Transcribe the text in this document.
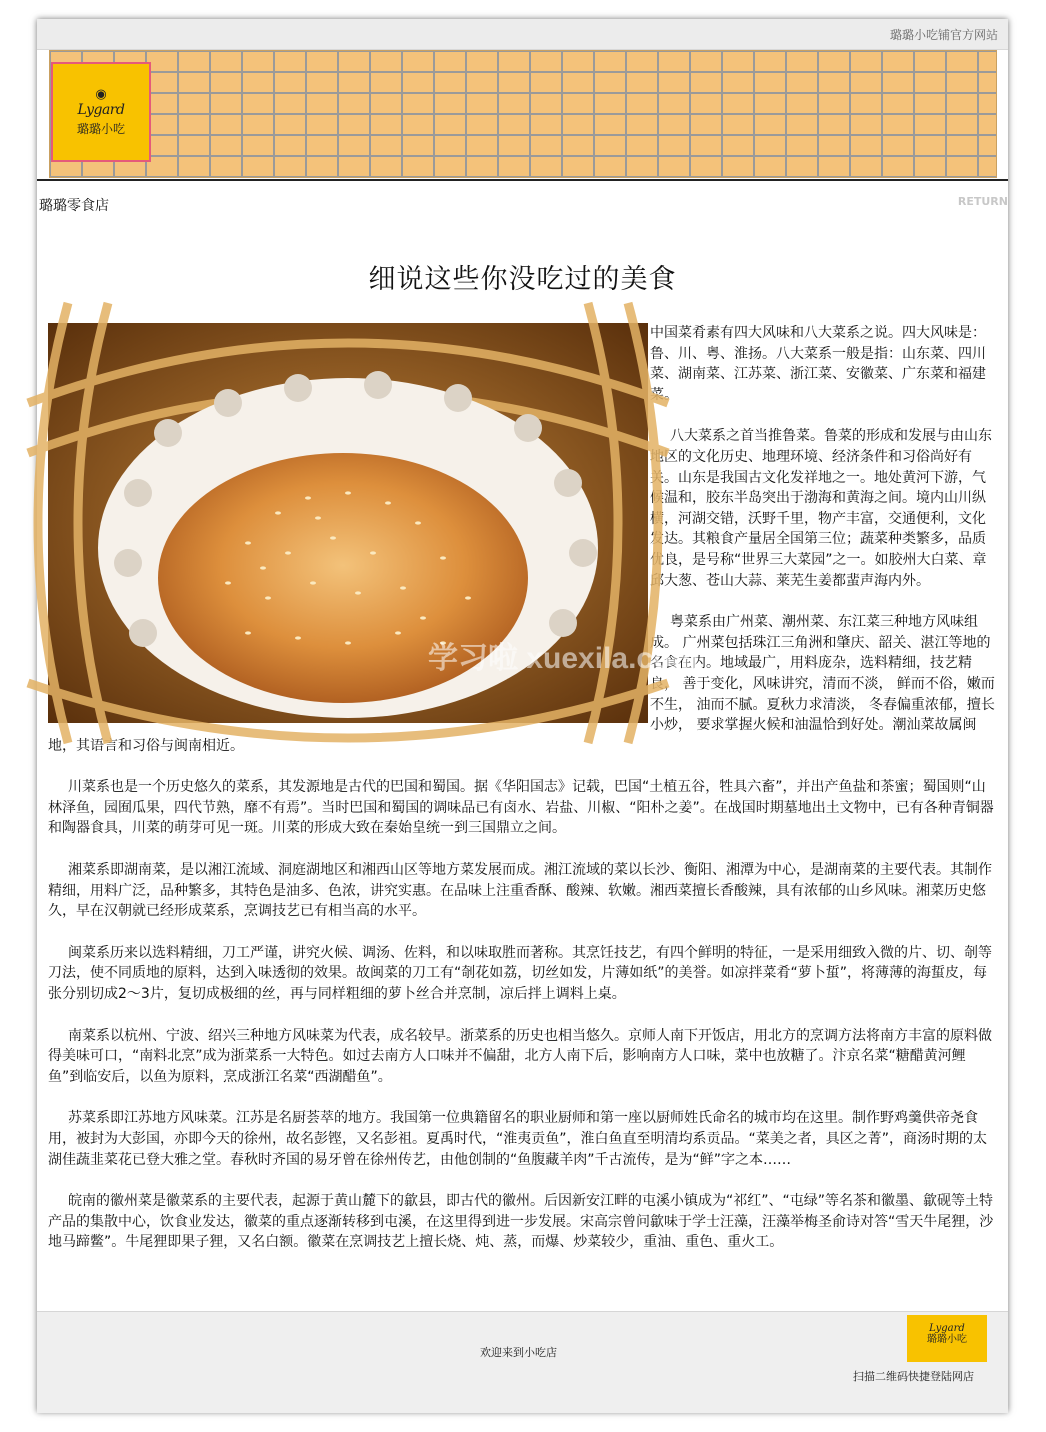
璐璐小吃铺官方网站
◉
Lygard
璐璐小吃
璐璐零食店	RETURN
细说这些你没吃过的美食
学习啦 xuexila.com

中国菜肴素有四大风味和八大菜系之说。四大风味是：鲁、川、粤、淮扬。八大菜系一般是指：山东菜、四川菜、湖南菜、江苏菜、浙江菜、安徽菜、广东菜和福建菜。

八大菜系之首当推鲁菜。鲁菜的形成和发展与由山东地区的文化历史、地理环境、经济条件和习俗尚好有关。山东是我国古文化发祥地之一。地处黄河下游，气候温和，胶东半岛突出于渤海和黄海之间。境内山川纵横，河湖交错，沃野千里，物产丰富，交通便利，文化发达。其粮食产量居全国第三位；蔬菜种类繁多，品质优良，是号称“世界三大菜园”之一。如胶州大白菜、章邱大葱、苍山大蒜、莱芜生姜都蜚声海内外。

粤菜系由广州菜、潮州菜、东江菜三种地方风味组成。 广州菜包括珠江三角洲和肇庆、韶关、湛江等地的名食在内。地域最广，用料庞杂，选料精细，技艺精良， 善于变化，风味讲究，清而不淡， 鲜而不俗，嫩而不生， 油而不腻。夏秋力求清淡， 冬春偏重浓郁，擅长小炒， 要求掌握火候和油温恰到好处。潮汕菜故属闽地，其语言和习俗与闽南相近。

川菜系也是一个历史悠久的菜系，其发源地是古代的巴国和蜀国。据《华阳国志》记载，巴国“土植五谷，牲具六畜”，并出产鱼盐和茶蜜；蜀国则“山林泽鱼，园囿瓜果，四代节熟，靡不有焉”。当时巴国和蜀国的调味品已有卤水、岩盐、川椒、“阳朴之姜”。在战国时期墓地出土文物中，已有各种青铜器和陶器食具，川菜的萌芽可见一斑。川菜的形成大致在秦始皇统一到三国鼎立之间。

湘菜系即湖南菜，是以湘江流域、洞庭湖地区和湘西山区等地方菜发展而成。湘江流域的菜以长沙、衡阳、湘潭为中心，是湖南菜的主要代表。其制作精细，用料广泛，品种繁多，其特色是油多、色浓，讲究实惠。在品味上注重香酥、酸辣、软嫩。湘西菜擅长香酸辣，具有浓郁的山乡风味。湘菜历史悠久，早在汉朝就已经形成菜系，烹调技艺已有相当高的水平。

闽菜系历来以选料精细，刀工严谨，讲究火候、调汤、佐料，和以味取胜而著称。其烹饪技艺，有四个鲜明的特征，一是采用细致入微的片、切、剞等刀法，使不同质地的原料，达到入味透彻的效果。故闽菜的刀工有“剞花如荔，切丝如发，片薄如纸”的美誉。如凉拌菜肴“萝卜蜇”，将薄薄的海蜇皮，每张分别切成2～3片，复切成极细的丝，再与同样粗细的萝卜丝合并烹制，凉后拌上调料上桌。

南菜系以杭州、宁波、绍兴三种地方风味菜为代表，成名较早。浙菜系的历史也相当悠久。京师人南下开饭店，用北方的烹调方法将南方丰富的原料做得美味可口，“南料北烹”成为浙菜系一大特色。如过去南方人口味并不偏甜，北方人南下后，影响南方人口味，菜中也放糖了。汴京名菜“糖醋黄河鲤鱼”到临安后，以鱼为原料，烹成浙江名菜“西湖醋鱼”。

苏菜系即江苏地方风味菜。江苏是名厨荟萃的地方。我国第一位典籍留名的职业厨师和第一座以厨师姓氏命名的城市均在这里。制作野鸡羹供帝尧食用，被封为大彭国，亦即今天的徐州，故名彭铿，又名彭祖。夏禹时代，“淮夷贡鱼”，淮白鱼直至明清均系贡品。“菜美之者，具区之菁”，商汤时期的太湖佳蔬韭菜花已登大雅之堂。春秋时齐国的易牙曾在徐州传艺，由他创制的“鱼腹藏羊肉”千古流传，是为“鲜”字之本……

皖南的徽州菜是徽菜系的主要代表，起源于黄山麓下的歙县，即古代的徽州。后因新安江畔的屯溪小镇成为“祁红”、“屯绿”等名茶和徽墨、歙砚等土特产品的集散中心，饮食业发达，徽菜的重点逐渐转移到屯溪，在这里得到进一步发展。宋高宗曾问歙味于学士汪藻，汪藻举梅圣俞诗对答“雪天牛尾狸，沙地马蹄鳖”。牛尾狸即果子狸，又名白额。徽菜在烹调技艺上擅长烧、炖、蒸，而爆、炒菜较少，重油、重色、重火工。

欢迎来到小吃店
Lygard
璐璐小吃
扫描二维码快捷登陆网店
